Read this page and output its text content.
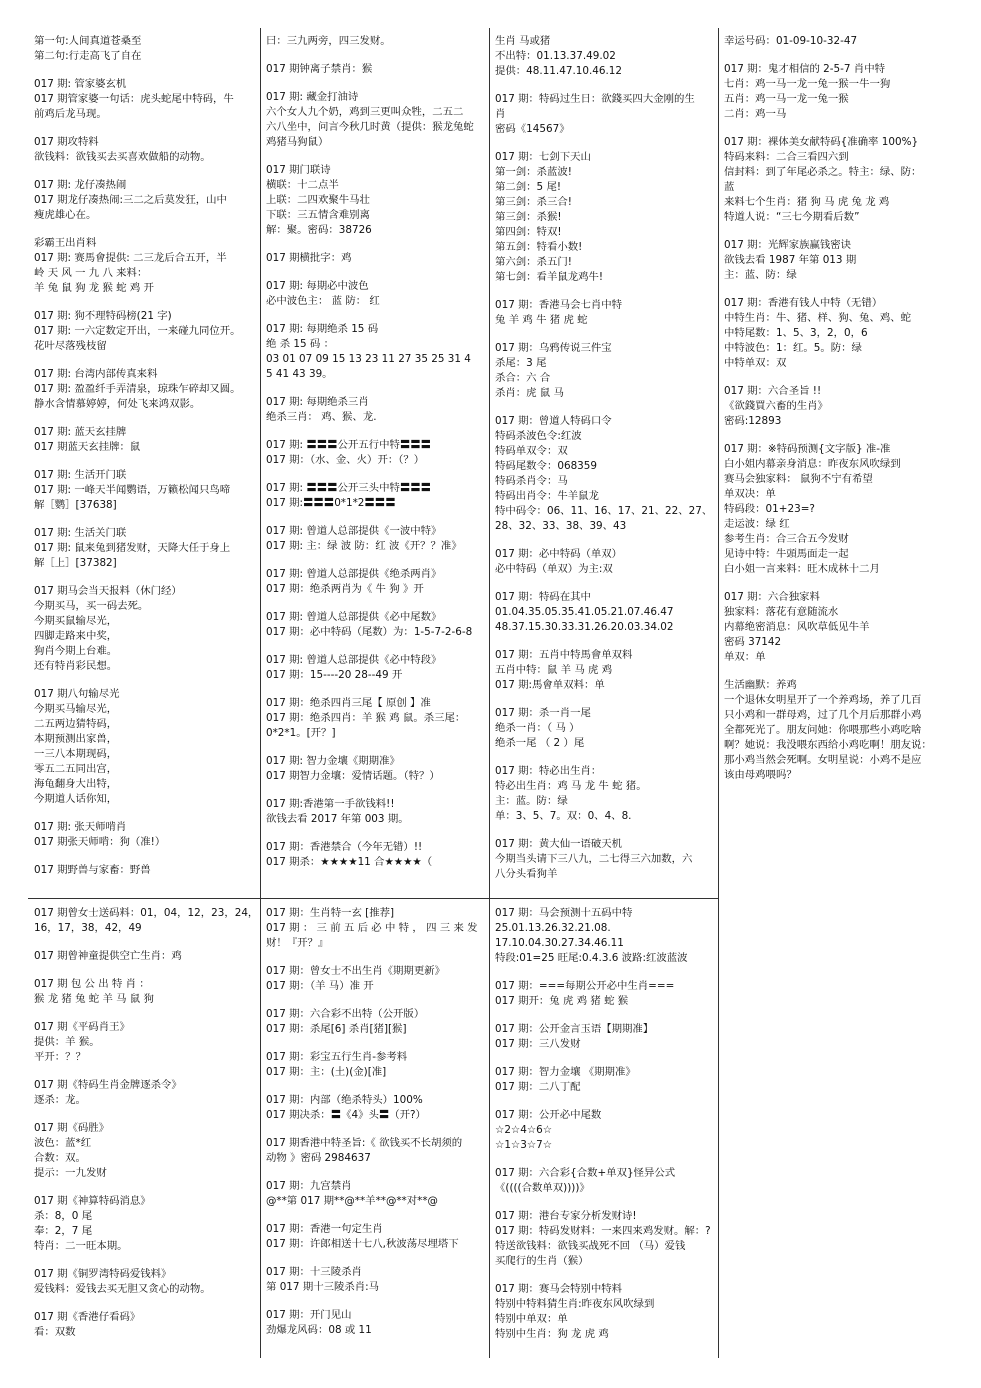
第一句:人间真道苍桑至
第二句:行走高飞了自在
017 期: 管家婆玄机
017 期管家婆一句话：虎头蛇尾中特码，牛
前鸡后龙马现。
017 期攻特料
欲钱料：欲钱买去买喜欢做船的动物。
017 期: 龙仔凑热闹
017 期龙仔凑热闹:三二之后莫发狂，山中
瘦虎雄心在。
彩霸王出肖料
017 期: 赛馬會提供: 二三龙后合五开，半
岭 天 风 一 九 八 来料：
羊 兔 鼠 狗 龙 猴 蛇 鸡 开
017 期: 狗不理特码榜(21 字)
017 期: 一六定数定开出，一来碰九同位开。
花叶尽落残枝留
017 期: 台湾内部传真来料
017 期: 盈盈纤手弄清泉，琼珠乍碎却又圆。
静水含情慕婷婷，何处飞来鸿双影。
017 期: 蓝天玄挂牌
017 期蓝天玄挂牌：鼠
017 期: 生活开门联
017 期: 一峰天半闻鹦语，万籁松闻只鸟啼
解［鹦］[37638]
017 期: 生活关门联
017 期: 鼠来兔到猪发财，天降大任于身上
解［上］[37382]
017 期马会当天报料（休门经）
今期买马，买一码去死。
今期买鼠输尽光，
四脚走路来中奖，
狗肖今期上台难。
还有特肖彩民想。
017 期八句输尽光
今期买马输尽光，
二五两边猜特码，
本期预测出家兽，
一三八本期现码，
零五二五同出宫，
海龟翻身大出特，
今期道人话你知，
017 期: 张天师啃肖
017 期张天师啃：狗（准!）
017 期野兽与家畜：野兽
曰：三九两旁，四三发财。
017 期钟离子禁肖：猴
017 期: 藏金打油诗
六个女人九个奶，鸡到三更叫众牲，二五二
六八坐中，问言今秋几时黄（提供：猴龙兔蛇
鸡猪马狗鼠）
017 期门联诗
横联：十二点半
上联：二四欢聚牛马壮
下联：三五情含难别离
解：聚。密码：38726
017 期横批字：鸡
017 期: 每期必中波色
必中波色主： 蓝 防： 红
017 期: 每期绝杀 15 码
绝 杀 15 码 ：
03 01 07 09 15 13 23 11 27 35 25 31 4
5 41 43 39。
017 期: 每期绝杀三肖
绝杀三肖： 鸡、猴、龙.
017 期: 〓〓〓公开五行中特〓〓〓
017 期：（水、金、火）开：（？）
017 期: 〓〓〓公开三头中特〓〓〓
017 期:〓〓〓0*1*2〓〓〓
017 期: 曾道人总部提供《一波中特》
017 期: 主：绿 波 防：红 波《开？？准》
017 期: 曾道人总部提供《绝杀两肖》
017 期：绝杀两肖为《 牛 狗 》开
017 期: 曾道人总部提供《必中尾数》
017 期：必中特码（尾数）为：1-5-7-2-6-8
017 期: 曾道人总部提供《必中特段》
017 期：15----20 28--49 开
017 期：绝杀四肖三尾【 原创 】准
017 期：绝杀四肖：羊 猴 鸡 鼠。杀三尾：
0*2*1。[开？]
017 期: 智力金壤《期期准》
017 期智力金壤：爱情话题。（特？）
017 期:香港第一手欲钱料!!
欲钱去看 2017 年第 003 期。
017 期：香港禁合（今年无错）!!
017 期杀：★★★★11 合★★★★（
生肖 马或猪
不出特：01.13.37.49.02
提供：48.11.47.10.46.12
017 期：特码过生日：欲錢买四大金刚的生
肖
密码《14567》
017 期：七剑下天山
第一剑：杀蓝波!
第二剑：5 尾!
第三剑：杀三合!
第三剑：杀猴!
第四剑：特双!
第五剑：特看小数!
第六剑：杀五门!
第七剑：看羊鼠龙鸡牛!
017 期：香港马会七肖中特
兔 羊 鸡 牛 猪 虎 蛇
017 期：乌鸦传说三件宝
杀尾：3 尾
杀合：六 合
杀肖：虎 鼠 马
017 期：曾道人特码口令
特码杀波色令:红波
特码单双令：双
特码尾数令：068359
特码杀肖令：马
特码出肖令：牛羊鼠龙
特中码令：06、11、16、17、21、22、27、
28、32、33、38、39、43
017 期：必中特码（单双）
必中特码（单双）为主:双
017 期：特码在其中
01.04.35.05.35.41.05.21.07.46.47
48.37.15.30.33.31.26.20.03.34.02
017 期：五肖中特馬會单双料
五肖中特：鼠 羊 马 虎 鸡
017 期:馬會单双料：单
017 期：杀一肖一尾
绝杀一肖：（ 马 ）
绝杀一尾 （ 2 ）尾
017 期：特必出生肖：
特必出生肖：鸡 马 龙 牛 蛇 猪。
主：蓝。防：绿
单：3、5、7。双：0、4、8.
017 期：黄大仙一语破天机
今期当头请下三八九，二七得三六加数，六
八分头看狗羊
幸运号码：01-09-10-32-47
017 期：鬼才相信的 2-5-7 肖中特
七肖：鸡一马一龙一兔一猴一牛一狗
五肖：鸡一马一龙一兔一猴
二肖：鸡一马
017 期：裸体美女献特码{准确率 100%}
特码来料：二合三看四六到
信封料：到了年尾必杀之。特主：绿、防：
蓝
来料七个生肖：猪 狗 马 虎 兔 龙 鸡
特道人说：“三七今期看后数”
017 期：光辉家族赢钱密诀
欲钱去看 1987 年第 013 期
主：蓝、防：绿
017 期：香港有钱人中特（无错）
中特生肖：牛、猪、样、狗、兔、鸡、蛇
中特尾数：1、5、3，2，0，6
中特波色：1：红。5。防：绿
中特单双：双
017 期：六合圣旨 !!
《欲錢買六畜的生肖》
密码:12893
017 期：※特码预测{文字版} 准-准
白小姐内幕亲身消息：昨夜东风吹绿到
赛马会独家料： 鼠狗不宁有希望
单双决：单
特码段：01+23=?
走运波：绿 红
参考生肖：合三合五今发财
见诗中特：牛頭馬面走一起
白小姐一言来料：旺木成林十二月
017 期：六合独家料
独家料：落花有意随流水
内幕绝密消息：风吹草低见牛羊
密码 37142
单双：单
生活幽默：养鸡
一个退休女明星开了一个养鸡场，养了几百
只小鸡和一群母鸡，过了几个月后那群小鸡
全都死光了。朋友问她：你喂那些小鸡吃啥
啊？她说：我没喂东西给小鸡吃啊！朋友说：
那小鸡当然会死啊。女明星说：小鸡不是应
该由母鸡喂吗？
017 期曾女士送码料：01，04，12，23，24，
16，17，38，42，49
017 期曾神童提供空亡生肖：鸡
017 期 包 公 出 特 肖 ：
猴 龙 猪 兔 蛇 羊 马 鼠 狗
017 期《平码肖王》
提供：羊 猴。
平开：？？
017 期《特码生肖金牌逐杀令》
逐杀：龙。
017 期《码胜》
波色：蓝*红
合数：双。
提示：一九发财
017 期《神算特码消息》
杀：8，0 尾
奉：2，7 尾
特肖：二一旺本期。
017 期《铜罗湾特码爱钱料》
爱钱料：爱钱去买无胆又贪心的动物。
017 期《香港仔看码》
看：双数
017 期：生肖特一玄 [推荐]
017 期 ： 三 前 五 后 必 中 特 ， 四 三 来 发
财！『开？』
017 期：曾女士不出生肖《期期更新》
017 期：（羊 马）准 开
017 期：六合彩不出特（公开版）
017 期：杀尾[6] 杀肖[猪][猴]
017 期：彩宝五行生肖-参考料
017 期：主：(土)(金)[准]
017 期：内部（绝杀特头）100%
017 期决杀：〓《4》头〓（开?）
017 期香港中特圣旨:《 欲钱买不长胡须的
动物 》密码 2984637
017 期：九宫禁肖
@**第 017 期**@**羊**@**对**@
017 期：香港一句定生肖
017 期：许郎相送十七八,秋波荡尽埋塔下
017 期：十三陵杀肖
第 017 期十三陵杀肖:马
017 期：开门见山
劲爆龙风码：08 或 11
017 期：马会预测十五码中特
25.01.13.26.32.21.08.
17.10.04.30.27.34.46.11
特段:01=25 旺尾:0.4.3.6 波路:红波蓝波
017 期：===每期公开必中生肖===
017 期开：兔 虎 鸡 猪 蛇 猴
017 期：公开金言玉语【期期准】
017 期：三八发财
017 期：智力金壤 《期期准》
017 期：二八丁配
017 期：公开必中尾数
☆2☆4☆6☆
☆1☆3☆7☆
017 期：六合彩{合数+单双}怪异公式
《((((合数单双))))》
017 期：港台专家分析发财诗!
017 期：特码发财料：一来四来鸡发财。解：?
特送欲钱料：欲钱买战死不回 （马）爱钱
买爬行的生肖（猴）
017 期：赛马会特别中特料
特别中特料猜生肖:昨夜东风吹绿到
特别中单双：单
特别中生肖：狗 龙 虎 鸡
